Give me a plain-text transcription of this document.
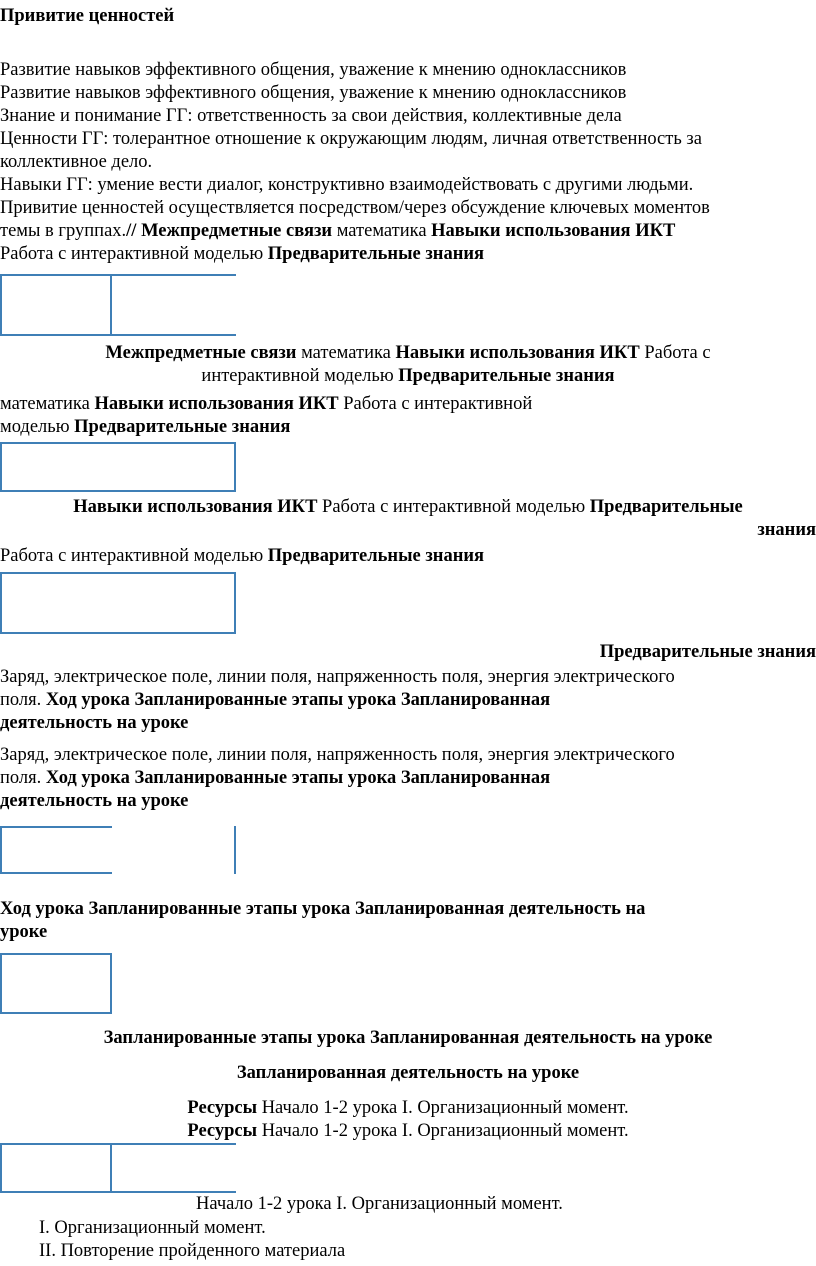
Привитие ценностей
Развитие навыков эффективного общения, уважение к мнению одноклассников
Развитие навыков эффективного общения, уважение к мнению одноклассников
Знание и понимание ГГ: ответственность за свои действия, коллективные дела
Ценности ГГ: толерантное отношение к окружающим людям, личная ответственность за
коллективное дело.
Навыки ГГ: умение вести диалог, конструктивно взаимодействовать с другими людьми.
Привитие ценностей осуществляется посредством/через обсуждение ключевых моментов
темы в группах.// Межпредметные связи математика Навыки использования ИКТ
Работа с интерактивной моделью Предварительные знания
Межпредметные связи математика Навыки использования ИКТ Работа с
интерактивной моделью Предварительные знания
математика Навыки использования ИКТ Работа с интерактивной
моделью Предварительные знания
Навыки использования ИКТ Работа с интерактивной моделью Предварительные
знания
Работа с интерактивной моделью Предварительные знания
Предварительные знания
Заряд, электрическое поле, линии поля, напряженность поля, энергия электрического
поля. Ход урока Запланированные этапы урока Запланированная
деятельность на уроке
Заряд, электрическое поле, линии поля, напряженность поля, энергия электрического
поля. Ход урока Запланированные этапы урока Запланированная
деятельность на уроке
Ход урока Запланированные этапы урока Запланированная деятельность на
уроке
Запланированные этапы урока Запланированная деятельность на уроке
Запланированная деятельность на уроке
Ресурсы Начало 1-2 урока I. Организационный момент.
Ресурсы Начало 1-2 урока I. Организационный момент.
Начало 1-2 урока I. Организационный момент.
I. Организационный момент.
II. Повторение пройденного материала
